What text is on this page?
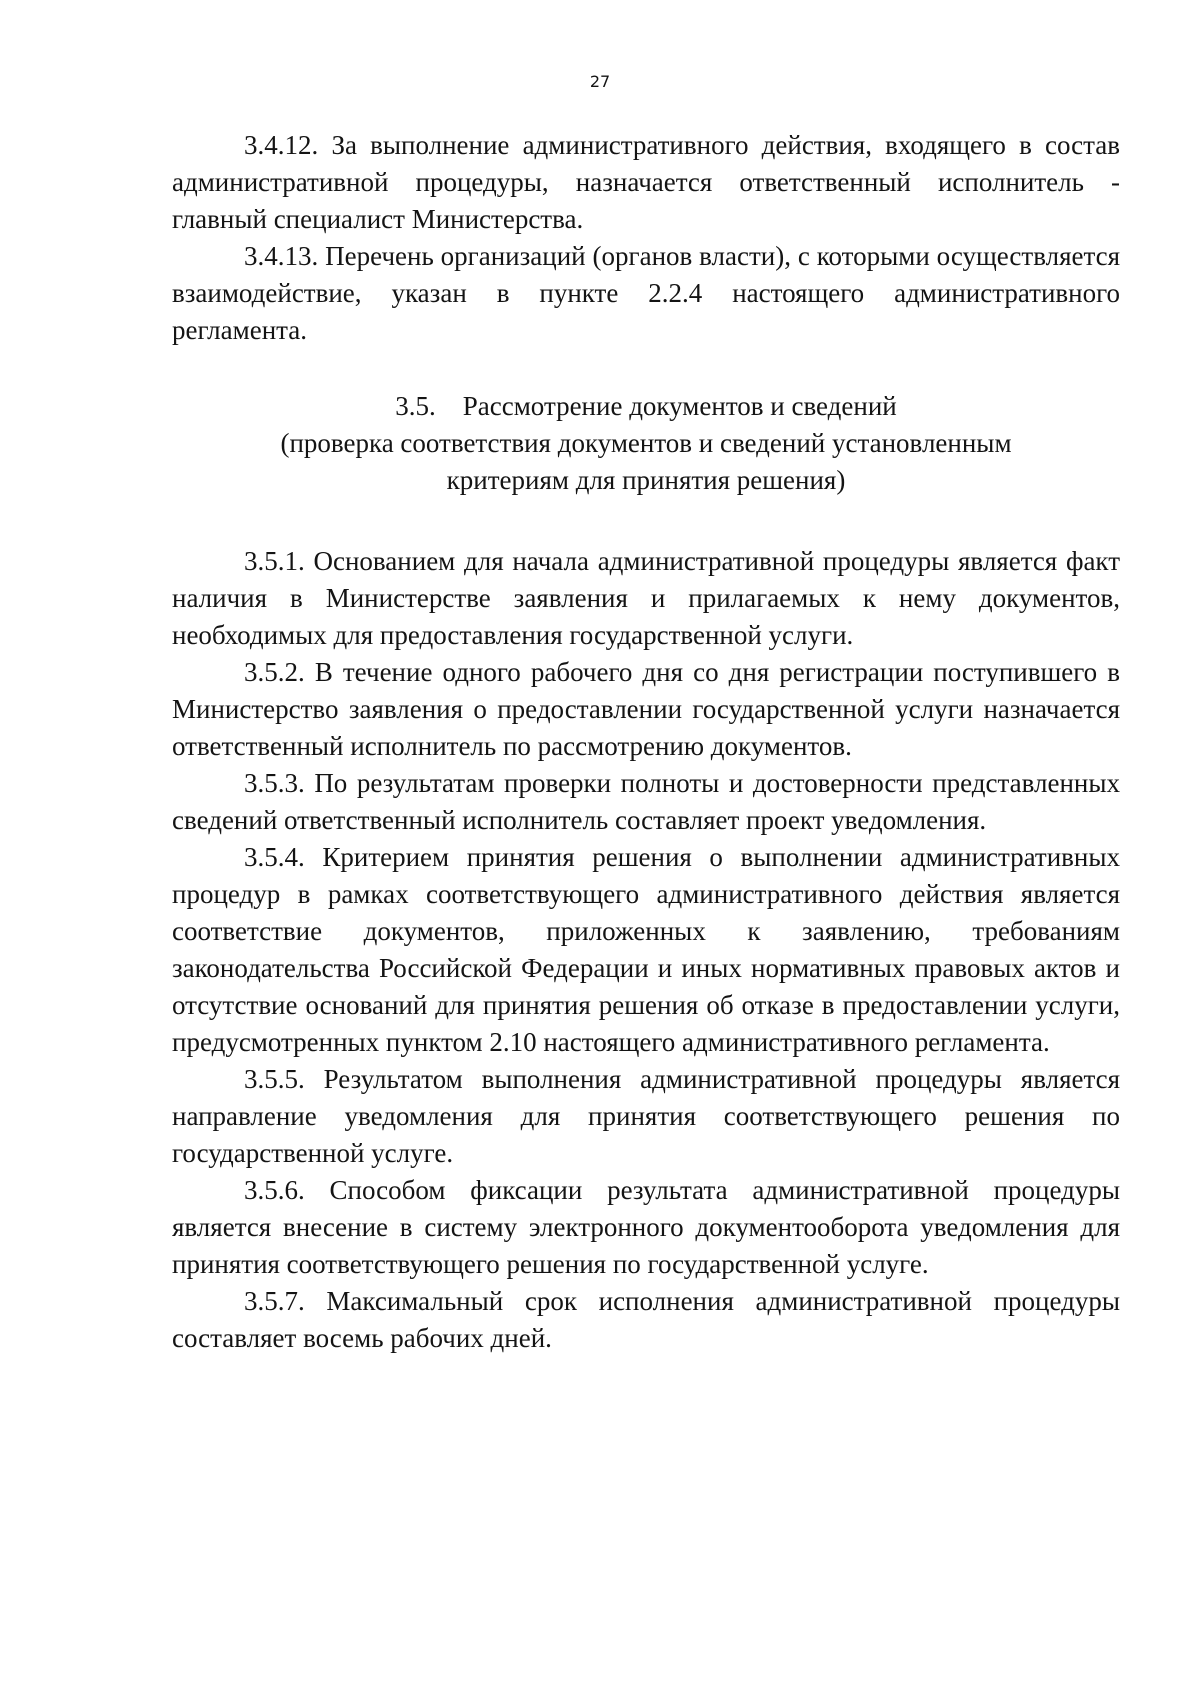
27

3.4.12. За выполнение административного действия, входящего в состав административной процедуры, назначается ответственный исполнитель - главный специалист Министерства.

3.4.13. Перечень организаций (органов власти), с которыми осуществляется взаимодействие, указан в пункте 2.2.4 настоящего административного регламента.

3.5. Рассмотрение документов и сведений
(проверка соответствия документов и сведений установленным
критериям для принятия решения)

3.5.1. Основанием для начала административной процедуры является факт наличия в Министерстве заявления и прилагаемых к нему документов, необходимых для предоставления государственной услуги.

3.5.2. В течение одного рабочего дня со дня регистрации поступившего в Министерство заявления о предоставлении государственной услуги назначается ответственный исполнитель по рассмотрению документов.

3.5.3. По результатам проверки полноты и достоверности представленных сведений ответственный исполнитель составляет проект уведомления.

3.5.4. Критерием принятия решения о выполнении административных процедур в рамках соответствующего административного действия является соответствие документов, приложенных к заявлению, требованиям законодательства Российской Федерации и иных нормативных правовых актов и отсутствие оснований для принятия решения об отказе в предоставлении услуги, предусмотренных пунктом 2.10 настоящего административного регламента.

3.5.5. Результатом выполнения административной процедуры является направление уведомления для принятия соответствующего решения по государственной услуге.

3.5.6. Способом фиксации результата административной процедуры является внесение в систему электронного документооборота уведомления для принятия соответствующего решения по государственной услуге.

3.5.7. Максимальный срок исполнения административной процедуры составляет восемь рабочих дней.
